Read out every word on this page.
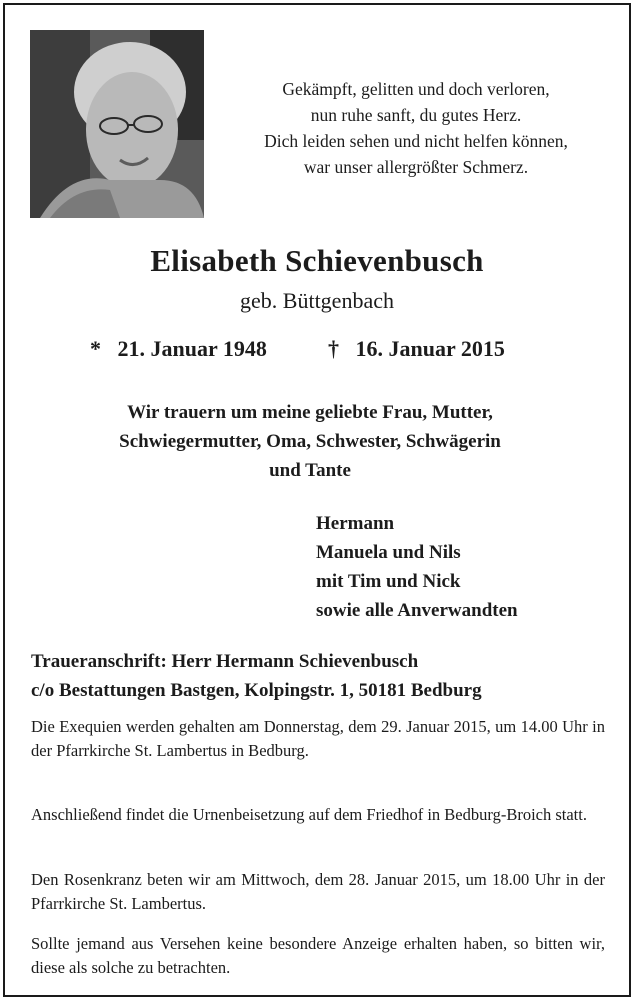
Gekämpft, gelitten und doch verloren,
nun ruhe sanft, du gutes Herz.
Dich leiden sehen und nicht helfen können,
war unser allergrößter Schmerz.
Elisabeth Schievenbusch
geb. Büttgenbach
* 21. Januar 1948	† 16. Januar 2015
Wir trauern um meine geliebte Frau, Mutter,
Schwiegermutter, Oma, Schwester, Schwägerin
und Tante
Hermann
Manuela und Nils
mit Tim und Nick
sowie alle Anverwandten
Traueranschrift: Herr Hermann Schievenbusch
c/o Bestattungen Bastgen, Kolpingstr. 1, 50181 Bedburg
Die Exequien werden gehalten am Donnerstag, dem 29. Januar 2015, um 14.00 Uhr in der Pfarrkirche St. Lambertus in Bedburg.
Anschließend findet die Urnenbeisetzung auf dem Friedhof in Bedburg-Broich statt.
Den Rosenkranz beten wir am Mittwoch, dem 28. Januar 2015, um 18.00 Uhr in der Pfarrkirche St. Lambertus.
Sollte jemand aus Versehen keine besondere Anzeige erhalten haben, so bitten wir, diese als solche zu betrachten.
